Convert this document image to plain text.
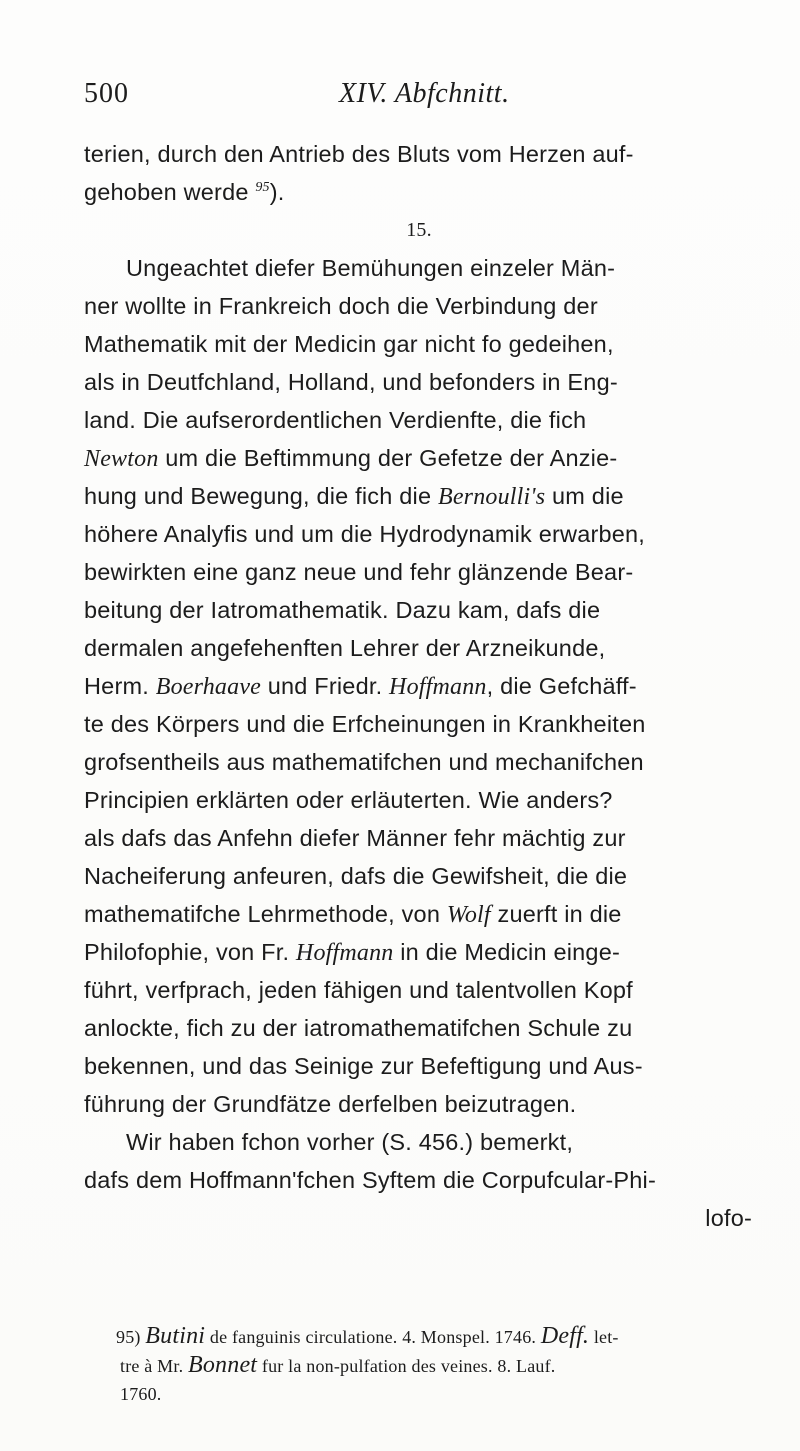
500	XIV. Abfchnitt.
terien, durch den Antrieb des Bluts vom Herzen auf-
gehoben werde $^{95}$).
15.
Ungeachtet diefer Bemühungen einzeler Män-
ner wollte in Frankreich doch die Verbindung der
Mathematik mit der Medicin gar nicht fo gedeihen,
als in Deutfchland, Holland, und befonders in Eng-
land. Die aufserordentlichen Verdienfte, die fich
Newton um die Beftimmung der Gefetze der Anzie-
hung und Bewegung, die fich die Bernoulli's um die
höhere Analyfis und um die Hydrodynamik erwarben,
bewirkten eine ganz neue und fehr glänzende Bear-
beitung der Iatromathematik. Dazu kam, dafs die
dermalen angefehenften Lehrer der Arzneikunde,
Herm. Boerhaave und Friedr. Hoffmann, die Gefchäff-
te des Körpers und die Erfcheinungen in Krankheiten
grofsentheils aus mathematifchen und mechanifchen
Principien erklärten oder erläuterten. Wie anders?
als dafs das Anfehn diefer Männer fehr mächtig zur
Nacheiferung anfeuren, dafs die Gewifsheit, die die
mathematifche Lehrmethode, von Wolf zuerft in die
Philofophie, von Fr. Hoffmann in die Medicin einge-
führt, verfprach, jeden fähigen und talentvollen Kopf
anlockte, fich zu der iatromathematifchen Schule zu
bekennen, und das Seinige zur Befeftigung und Aus-
führung der Grundfätze derfelben beizutragen.
Wir haben fchon vorher (S. 456.) bemerkt,
dafs dem Hoffmann'fchen Syftem die Corpufcular-Phi-
lofo-
95) Butini de fanguinis circulatione. 4. Monspel. 1746. Deff. let-
tre à Mr. Bonnet fur la non-pulfation des veines. 8. Lauf.
1760.
